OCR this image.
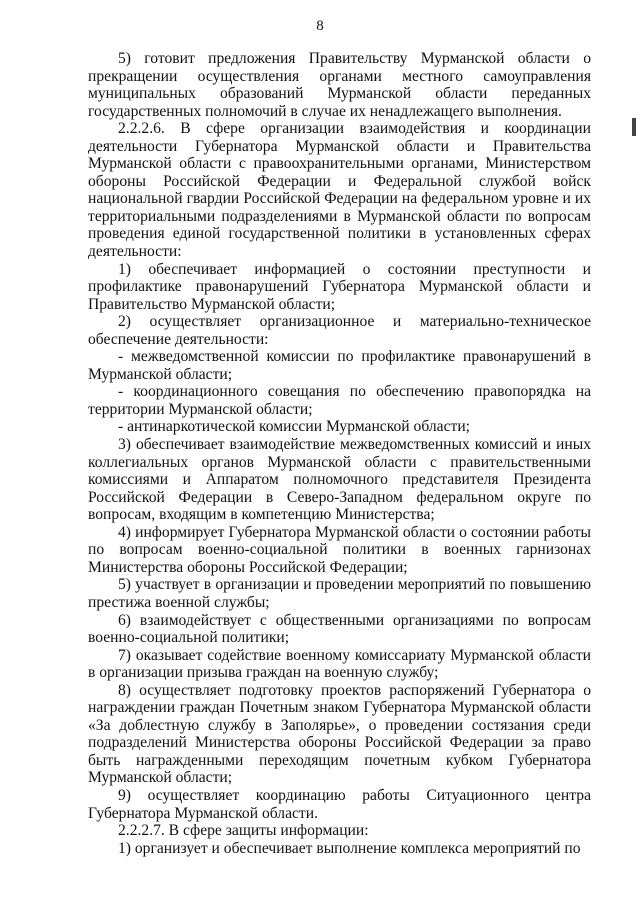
8

5) готовит предложения Правительству Мурманской области о прекращении осуществления органами местного самоуправления муниципальных образований Мурманской области переданных государственных полномочий в случае их ненадлежащего выполнения.

2.2.2.6. В сфере организации взаимодействия и координации деятельности Губернатора Мурманской области и Правительства Мурманской области с правоохранительными органами, Министерством обороны Российской Федерации и Федеральной службой войск национальной гвардии Российской Федерации на федеральном уровне и их территориальными подразделениями в Мурманской области по вопросам проведения единой государственной политики в установленных сферах деятельности:

1) обеспечивает информацией о состоянии преступности и профилактике правонарушений Губернатора Мурманской области и Правительство Мурманской области;

2) осуществляет организационное и материально-техническое обеспечение деятельности:

- межведомственной комиссии по профилактике правонарушений в Мурманской области;

- координационного совещания по обеспечению правопорядка на территории Мурманской области;

- антинаркотической комиссии Мурманской области;

3) обеспечивает взаимодействие межведомственных комиссий и иных коллегиальных органов Мурманской области с правительственными комиссиями и Аппаратом полномочного представителя Президента Российской Федерации в Северо-Западном федеральном округе по вопросам, входящим в компетенцию Министерства;

4) информирует Губернатора Мурманской области о состоянии работы по вопросам военно-социальной политики в военных гарнизонах Министерства обороны Российской Федерации;

5) участвует в организации и проведении мероприятий по повышению престижа военной службы;

6) взаимодействует с общественными организациями по вопросам военно-социальной политики;

7) оказывает содействие военному комиссариату Мурманской области в организации призыва граждан на военную службу;

8) осуществляет подготовку проектов распоряжений Губернатора о награждении граждан Почетным знаком Губернатора Мурманской области «За доблестную службу в Заполярье», о проведении состязания среди подразделений Министерства обороны Российской Федерации за право быть награжденными переходящим почетным кубком Губернатора Мурманской области;

9) осуществляет координацию работы Ситуационного центра Губернатора Мурманской области.

2.2.2.7. В сфере защиты информации:

1) организует и обеспечивает выполнение комплекса мероприятий по
